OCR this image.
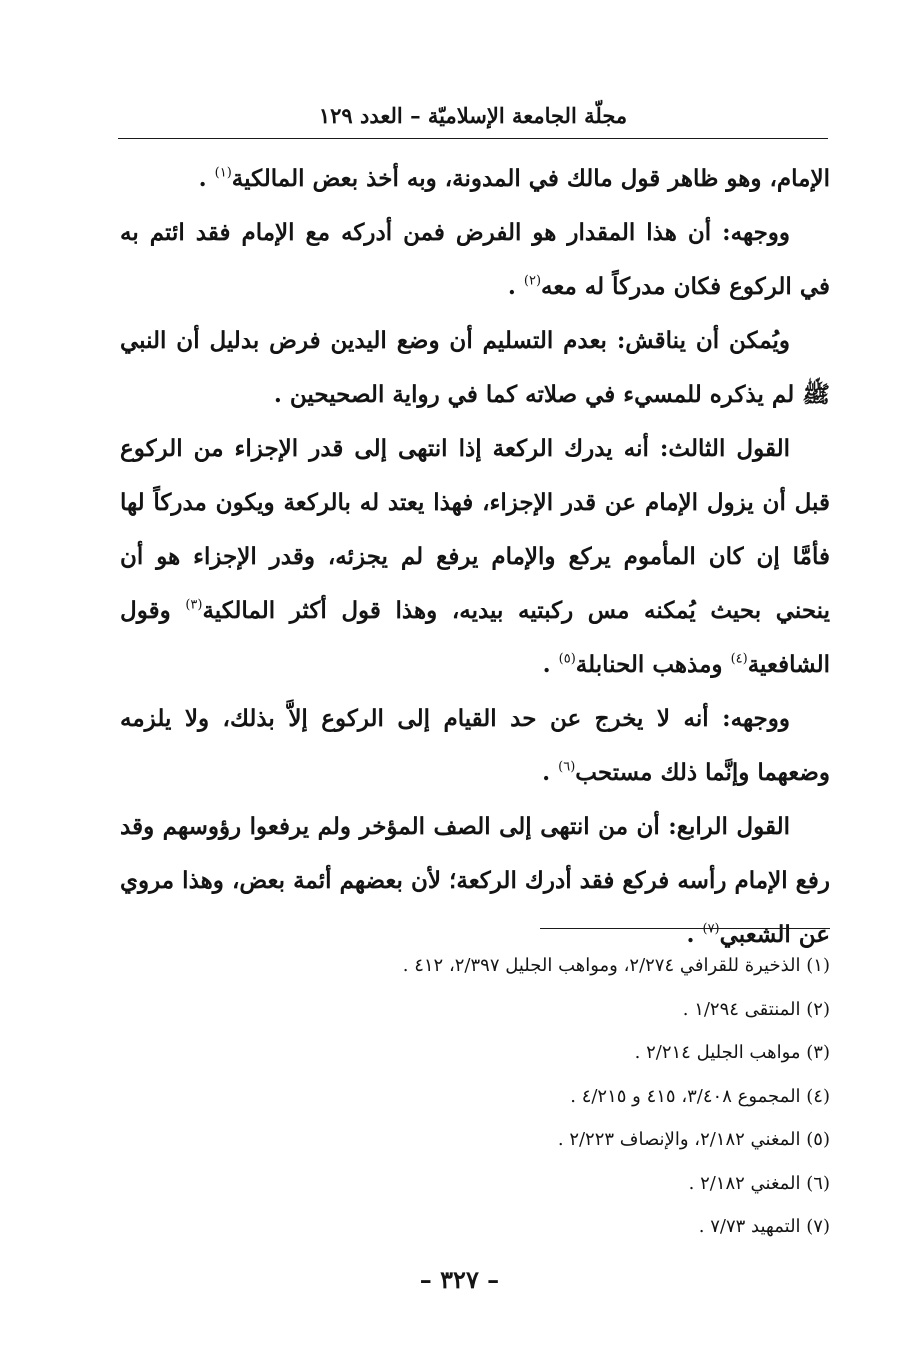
مجلّة الجامعة الإسلاميّة – العدد ١٢٩

الإمام، وهو ظاهر قول مالك في المدونة، وبه أخذ بعض المالكية$^{(١)}$ .

ووجهه: أن هذا المقدار هو الفرض فمن أدركه مع الإمام فقد ائتم به في الركوع فكان مدركاً له معه$^{(٢)}$ .

ويُمكن أن يناقش: بعدم التسليم أن وضع اليدين فرض بدليل أن النبي ﷺ لم يذكره للمسيء في صلاته كما في رواية الصحيحين .

القول الثالث: أنه يدرك الركعة إذا انتهى إلى قدر الإجزاء من الركوع قبل أن يزول الإمام عن قدر الإجزاء، فهذا يعتد له بالركعة ويكون مدركاً لها فأمَّا إن كان المأموم يركع والإمام يرفع لم يجزئه، وقدر الإجزاء هو أن ينحني بحيث يُمكنه مس ركبتيه بيديه، وهذا قول أكثر المالكية$^{(٣)}$ وقول الشافعية$^{(٤)}$ ومذهب الحنابلة$^{(٥)}$ .

ووجهه: أنه لا يخرج عن حد القيام إلى الركوع إلاَّ بذلك، ولا يلزمه وضعهما وإنَّما ذلك مستحب$^{(٦)}$ .

القول الرابع: أن من انتهى إلى الصف المؤخر ولم يرفعوا رؤوسهم وقد رفع الإمام رأسه فركع فقد أدرك الركعة؛ لأن بعضهم أئمة بعض، وهذا مروي عن الشعبي$^{(٧)}$ .

(١) الذخيرة للقرافي ٢/٢٧٤، ومواهب الجليل ٢/٣٩٧، ٤١٢ .
(٢) المنتقى ١/٢٩٤ .
(٣) مواهب الجليل ٢/٢١٤ .
(٤) المجموع ٣/٤٠٨، ٤١٥ و ٤/٢١٥ .
(٥) المغني ٢/١٨٢، والإنصاف ٢/٢٢٣ .
(٦) المغني ٢/١٨٢ .
(٧) التمهيد ٧/٧٣ .
– ٣٢٧ –
